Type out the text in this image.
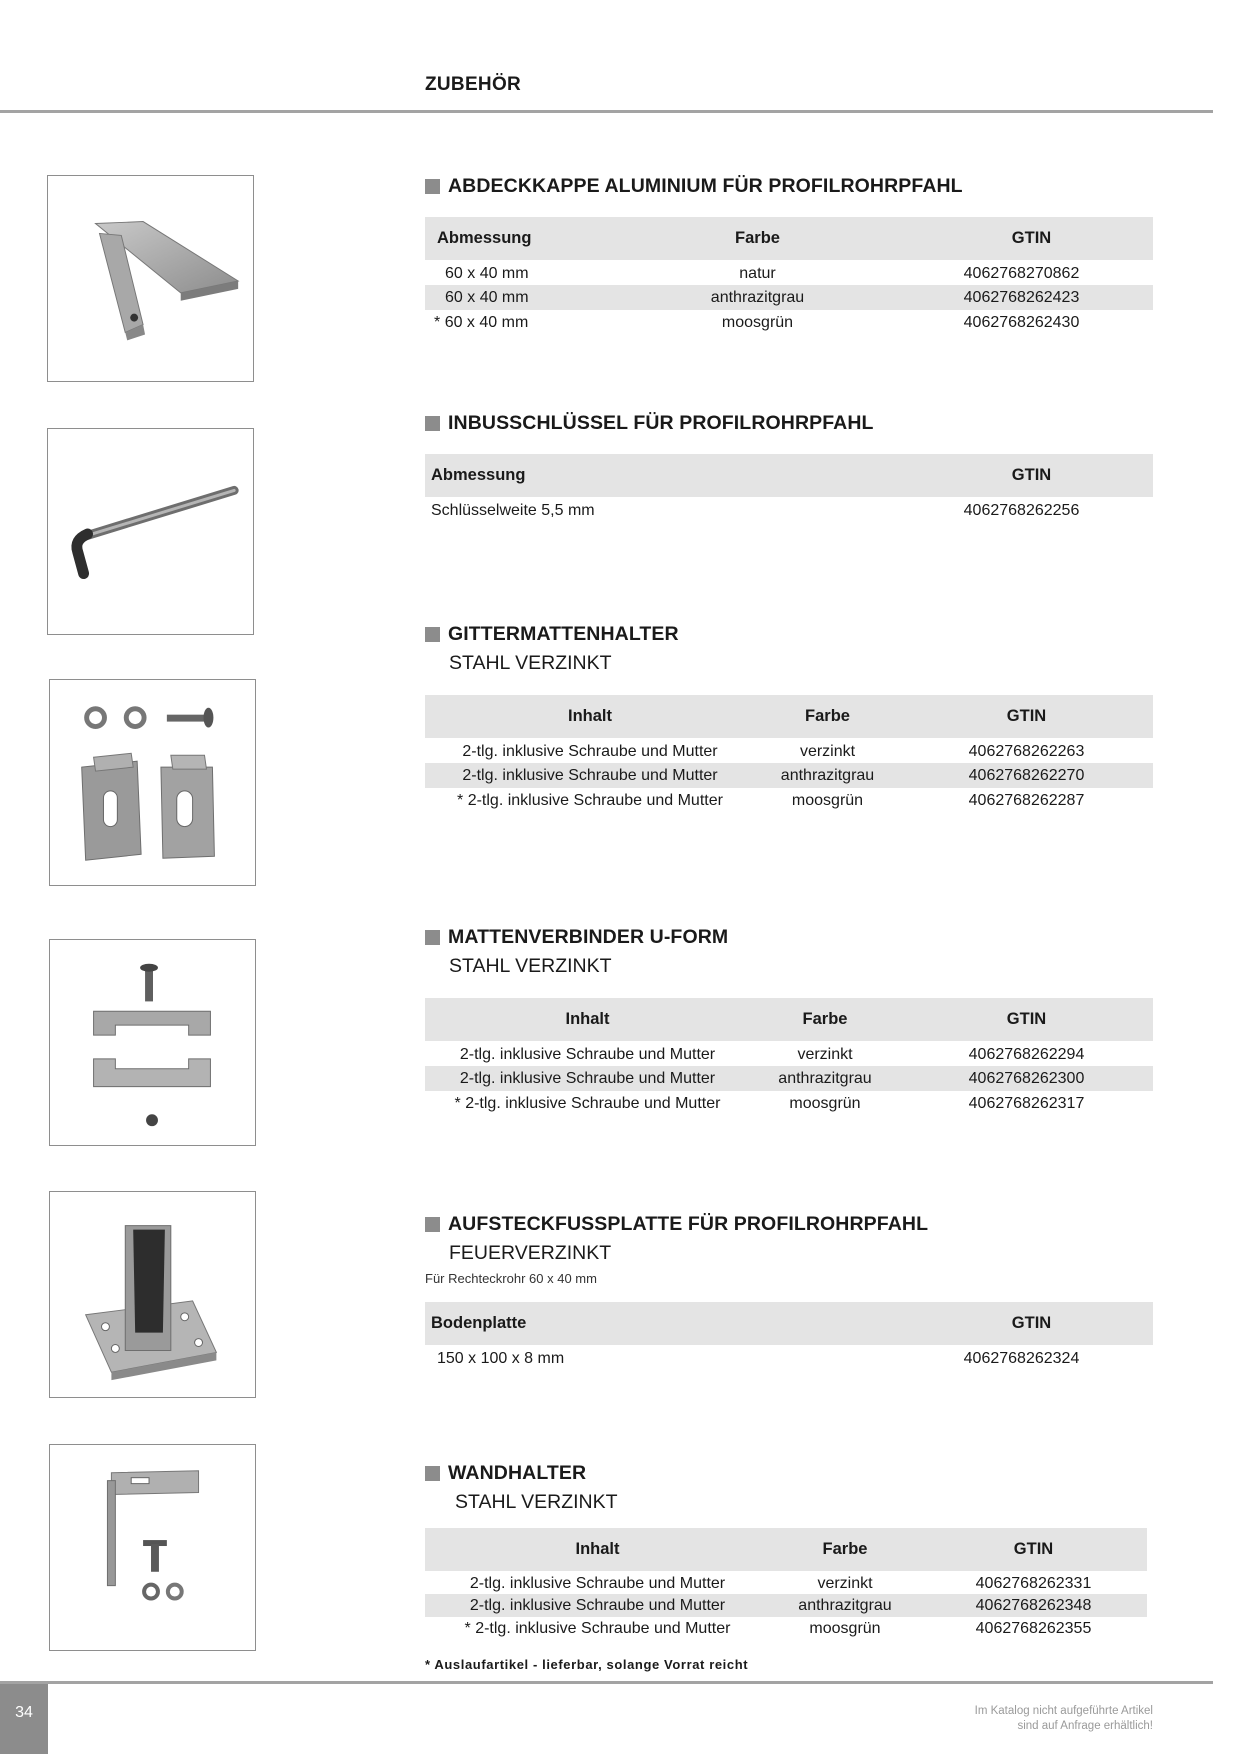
ZUBEHÖR
ABDECKKAPPE ALUMINIUM FÜR PROFILROHRPFAHL
Abmessung	Farbe	GTIN
60 x 40 mm	natur	4062768270862
60 x 40 mm	anthrazitgrau	4062768262423
* 60 x 40 mm	moosgrün	4062768262430
INBUSSCHLÜSSEL FÜR PROFILROHRPFAHL
Abmessung	GTIN
Schlüsselweite 5,5 mm	4062768262256
GITTERMATTENHALTER
STAHL VERZINKT
Inhalt	Farbe	GTIN
2-tlg. inklusive Schraube und Mutter	verzinkt	4062768262263
2-tlg. inklusive Schraube und Mutter	anthrazitgrau	4062768262270
* 2-tlg. inklusive Schraube und Mutter	moosgrün	4062768262287
MATTENVERBINDER U-FORM
STAHL VERZINKT
Inhalt	Farbe	GTIN
2-tlg. inklusive Schraube und Mutter	verzinkt	4062768262294
2-tlg. inklusive Schraube und Mutter	anthrazitgrau	4062768262300
* 2-tlg. inklusive Schraube und Mutter	moosgrün	4062768262317
AUFSTECKFUSSPLATTE FÜR PROFILROHRPFAHL
FEUERVERZINKT
Für Rechteckrohr 60 x 40 mm
Bodenplatte	GTIN
150 x 100 x 8 mm	4062768262324
WANDHALTER
STAHL VERZINKT
Inhalt	Farbe	GTIN
2-tlg. inklusive Schraube und Mutter	verzinkt	4062768262331
2-tlg. inklusive Schraube und Mutter	anthrazitgrau	4062768262348
* 2-tlg. inklusive Schraube und Mutter	moosgrün	4062768262355
* Auslaufartikel - lieferbar, solange Vorrat reicht
34	Im Katalog nicht aufgeführte Artikel
sind auf Anfrage erhältlich!
